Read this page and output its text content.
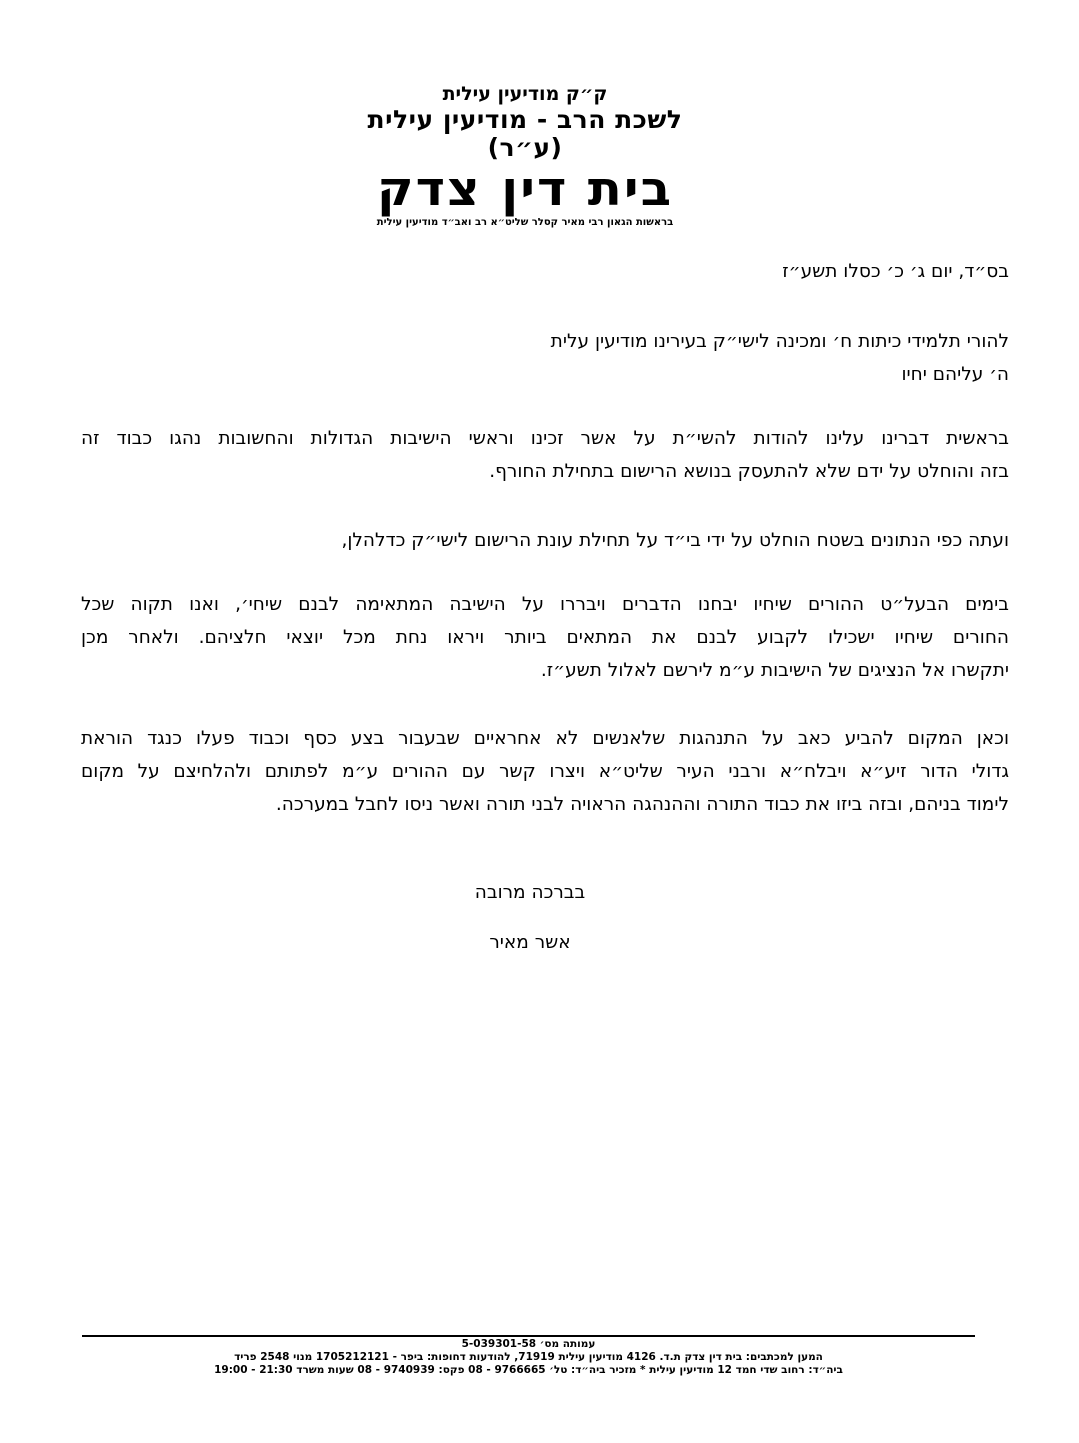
ק״ק מודיעין עילית
לשכת הרב - מודיעין עילית (ע״ר)
בית דין צדק
בראשות הגאון רבי מאיר קסלר שליט״א רב ואב״ד מודיעין עילית
בס״ד, יום ג׳ כ׳ כסלו תשע״ז

להורי תלמידי כיתות ח׳ ומכינה לישי״ק בעירינו מודיעין עלית

ה׳ עליהם יחיו

בראשית דברינו עלינו להודות להשי״ת על אשר זכינו וראשי הישיבות הגדולות והחשובות נהגו כבוד זה

בזה והוחלט על ידם שלא להתעסק בנושא הרישום בתחילת החורף.

ועתה כפי הנתונים בשטח הוחלט על ידי בי״ד על תחילת עונת הרישום לישי״ק כדלהלן,

בימים הבעל״ט ההורים שיחיו יבחנו הדברים ויבררו על הישיבה המתאימה לבנם שיחי׳, ואנו תקוה שכל

החורים שיחיו ישכילו לקבוע לבנם את המתאים ביותר ויראו נחת מכל יוצאי חלציהם. ולאחר מכן

יתקשרו אל הנציגים של הישיבות ע״מ לירשם לאלול תשע״ז.

וכאן המקום להביע כאב על התנהגות שלאנשים לא אחראיים שבעבור בצע כסף וכבוד פעלו כנגד הוראת

גדולי הדור זיע״א ויבלח״א ורבני העיר שליט״א ויצרו קשר עם ההורים ע״מ לפתותם ולהלחיצם על מקום

לימוד בניהם, ובזה ביזו את כבוד התורה וההנהגה הראויה לבני תורה ואשר ניסו לחבל במערכה.

בברכה מרובה
אשר מאיר
עמותה מס׳ 5-039301-58
המען למכתבים: בית דין צדק ת.ד. 4126 מודיעין עילית 71919, להודעות דחופות: ביפר - 1705212121 מנוי 2548 פריד
ביה״ד: רחוב שדי חמד 12 מודיעין עילית * מזכיר ביה״ד: טל׳ 9766665 - 08 פקס: 9740939 - 08 שעות משרד 21:30 - 19:00
